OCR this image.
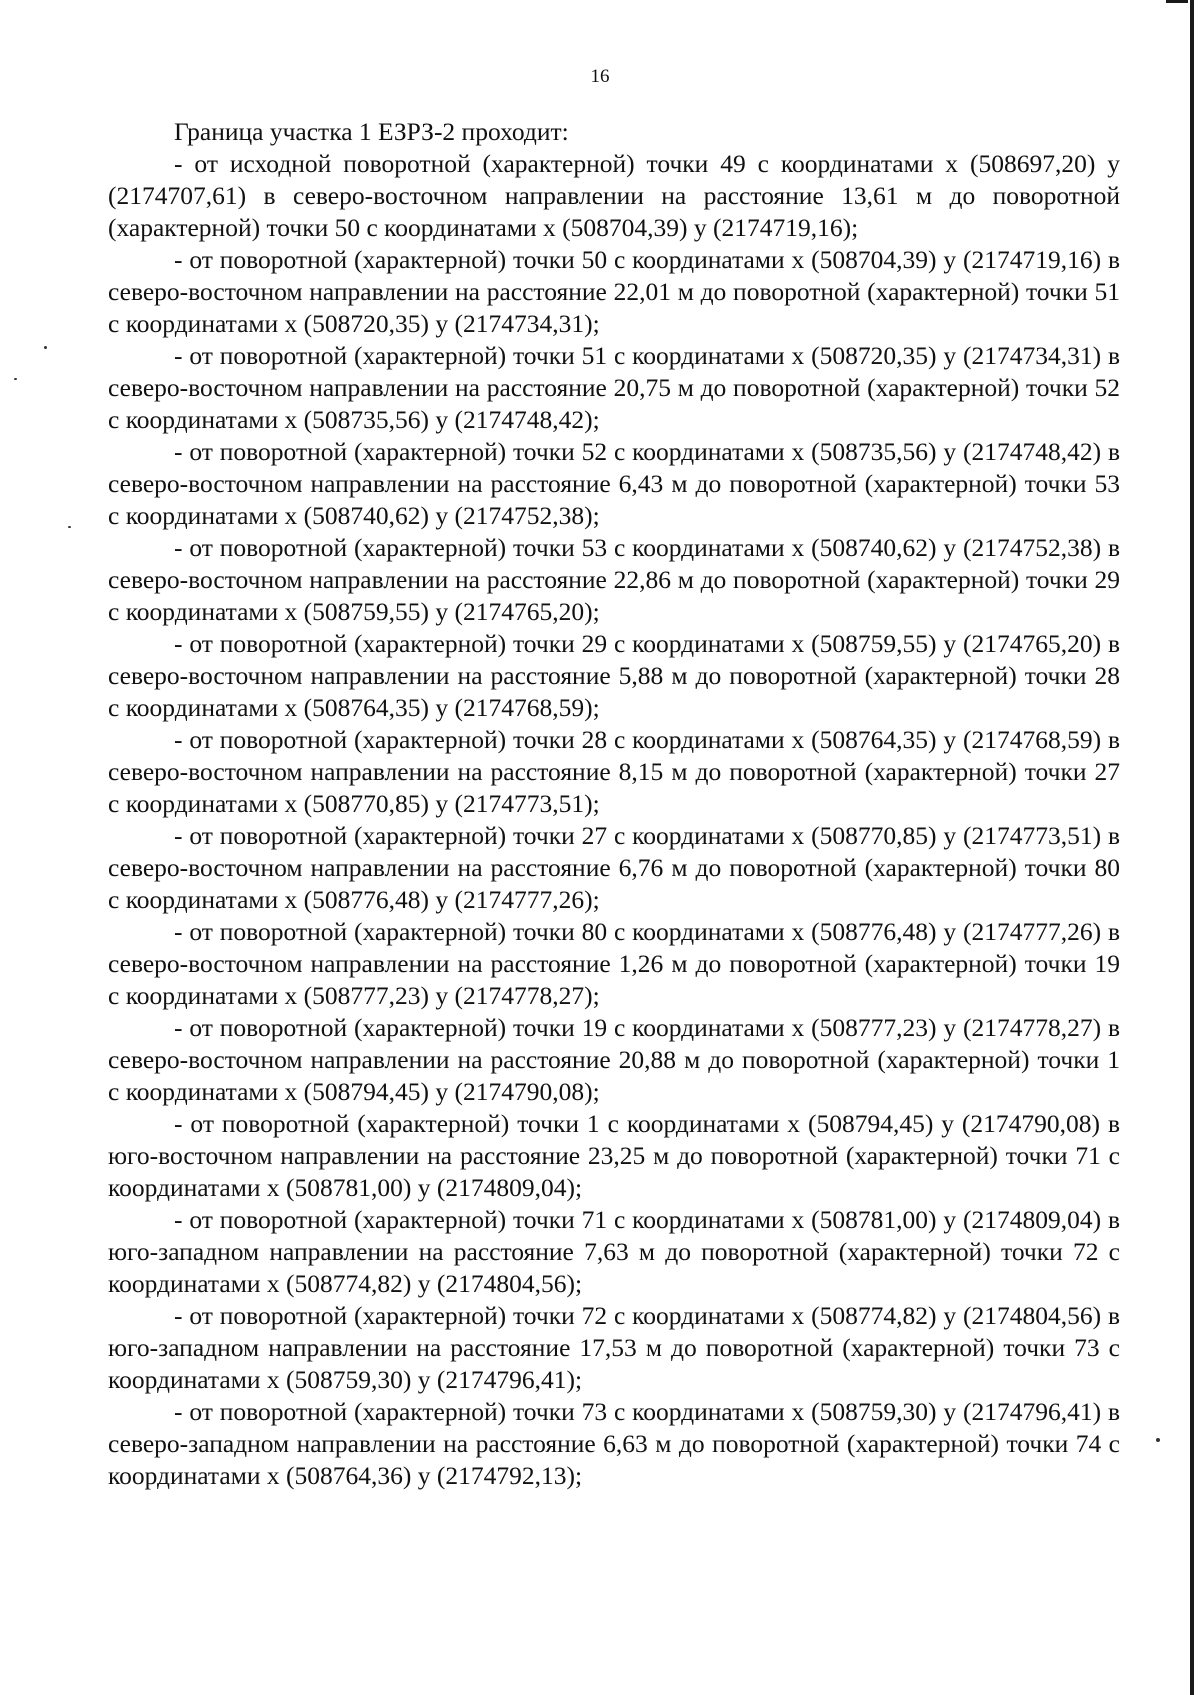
16

Граница участка 1 ЕЗРЗ-2 проходит:

- от исходной поворотной (характерной) точки 49 с координатами x (508697,20) y (2174707,61) в северо-восточном направлении на расстояние 13,61 м до поворотной (характерной) точки 50 с координатами x (508704,39) y (2174719,16);

- от поворотной (характерной) точки 50 с координатами x (508704,39) y (2174719,16) в северо-восточном направлении на расстояние 22,01 м до поворотной (характерной) точки 51 с координатами x (508720,35) y (2174734,31);

- от поворотной (характерной) точки 51 с координатами x (508720,35) y (2174734,31) в северо-восточном направлении на расстояние 20,75 м до поворотной (характерной) точки 52 с координатами x (508735,56) y (2174748,42);

- от поворотной (характерной) точки 52 с координатами x (508735,56) y (2174748,42) в северо-восточном направлении на расстояние 6,43 м до поворотной (характерной) точки 53 с координатами x (508740,62) y (2174752,38);

- от поворотной (характерной) точки 53 с координатами x (508740,62) y (2174752,38) в северо-восточном направлении на расстояние 22,86 м до поворотной (характерной) точки 29 с координатами x (508759,55) y (2174765,20);

- от поворотной (характерной) точки 29 с координатами x (508759,55) y (2174765,20) в северо-восточном направлении на расстояние 5,88 м до поворотной (характерной) точки 28 с координатами x (508764,35) y (2174768,59);

- от поворотной (характерной) точки 28 с координатами x (508764,35) y (2174768,59) в северо-восточном направлении на расстояние 8,15 м до поворотной (характерной) точки 27 с координатами x (508770,85) y (2174773,51);

- от поворотной (характерной) точки 27 с координатами x (508770,85) y (2174773,51) в северо-восточном направлении на расстояние 6,76 м до поворотной (характерной) точки 80 с координатами x (508776,48) y (2174777,26);

- от поворотной (характерной) точки 80 с координатами x (508776,48) y (2174777,26) в северо-восточном направлении на расстояние 1,26 м до поворотной (характерной) точки 19 с координатами x (508777,23) y (2174778,27);

- от поворотной (характерной) точки 19 с координатами x (508777,23) y (2174778,27) в северо-восточном направлении на расстояние 20,88 м до поворотной (характерной) точки 1 с координатами x (508794,45) y (2174790,08);

- от поворотной (характерной) точки 1 с координатами x (508794,45) y (2174790,08) в юго-восточном направлении на расстояние 23,25 м до поворотной (характерной) точки 71 с координатами x (508781,00) y (2174809,04);

- от поворотной (характерной) точки 71 с координатами x (508781,00) y (2174809,04) в юго-западном направлении на расстояние 7,63 м до поворотной (характерной) точки 72 с координатами x (508774,82) y (2174804,56);

- от поворотной (характерной) точки 72 с координатами x (508774,82) y (2174804,56) в юго-западном направлении на расстояние 17,53 м до поворотной (характерной) точки 73 с координатами x (508759,30) y (2174796,41);

- от поворотной (характерной) точки 73 с координатами x (508759,30) y (2174796,41) в северо-западном направлении на расстояние 6,63 м до поворотной (характерной) точки 74 с координатами x (508764,36) y (2174792,13);
